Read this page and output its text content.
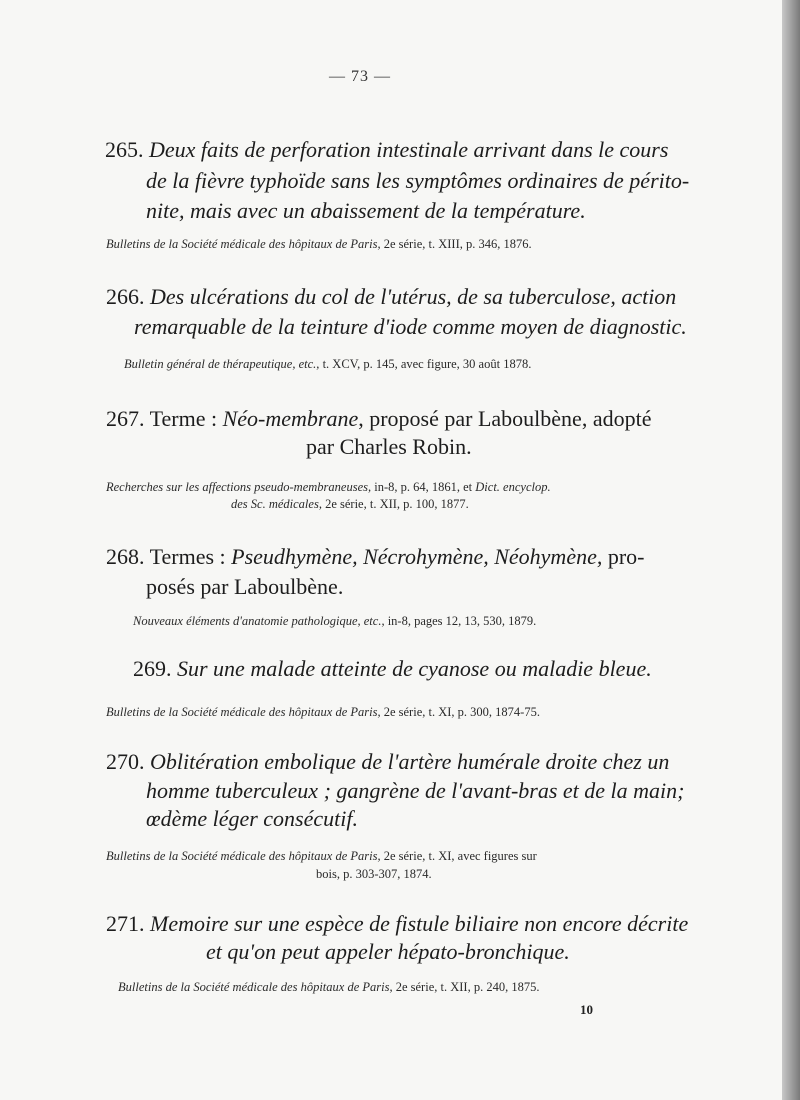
— 73 —
265. Deux faits de perforation intestinale arrivant dans le cours
de la fièvre typhoïde sans les symptômes ordinaires de périto-
nite, mais avec un abaissement de la température.
Bulletins de la Société médicale des hôpitaux de Paris, 2e série, t. XIII, p. 346, 1876.
266. Des ulcérations du col de l'utérus, de sa tuberculose, action
remarquable de la teinture d'iode comme moyen de diagnostic.
Bulletin général de thérapeutique, etc., t. XCV, p. 145, avec figure, 30 août 1878.
267. Terme : Néo-membrane, proposé par Laboulbène, adopté
par Charles Robin.
Recherches sur les affections pseudo-membraneuses, in-8, p. 64, 1861, et Dict. encyclop.
des Sc. médicales, 2e série, t. XII, p. 100, 1877.
268. Termes : Pseudhymène, Nécrohymène, Néohymène, pro-
posés par Laboulbène.
Nouveaux éléments d'anatomie pathologique, etc., in-8, pages 12, 13, 530, 1879.
269. Sur une malade atteinte de cyanose ou maladie bleue.
Bulletins de la Société médicale des hôpitaux de Paris, 2e série, t. XI, p. 300, 1874-75.
270. Oblitération embolique de l'artère humérale droite chez un
homme tuberculeux ; gangrène de l'avant-bras et de la main;
œdème léger consécutif.
Bulletins de la Société médicale des hôpitaux de Paris, 2e série, t. XI, avec figures sur
bois, p. 303-307, 1874.
271. Memoire sur une espèce de fistule biliaire non encore décrite
et qu'on peut appeler hépato-bronchique.
Bulletins de la Société médicale des hôpitaux de Paris, 2e série, t. XII, p. 240, 1875.
10
